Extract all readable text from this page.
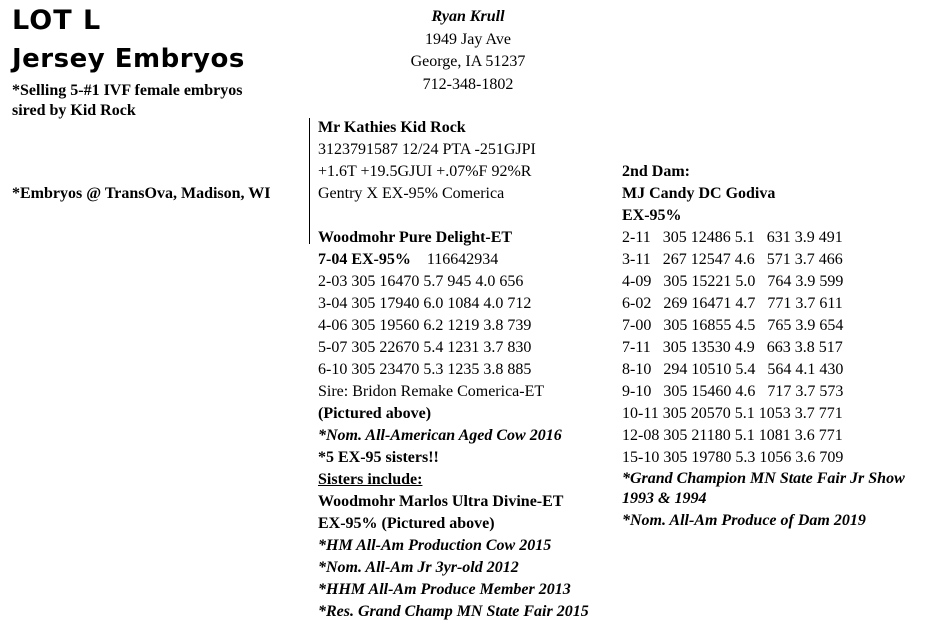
LOT L
Jersey Embryos
*Selling 5-#1 IVF female embryos
sired by Kid Rock
*Embryos @ TransOva, Madison, WI
Ryan Krull
1949 Jay Ave
George, IA 51237
712-348-1802
Mr Kathies Kid Rock
3123791587 12/24 PTA -251GJPI
+1.6T +19.5GJUI +.07%F 92%R
Gentry X EX-95% Comerica
Woodmohr Pure Delight-ET
7-04 EX-95% 116642934
2-03 305 16470 5.7 945 4.0 656
3-04 305 17940 6.0 1084 4.0 712
4-06 305 19560 6.2 1219 3.8 739
5-07 305 22670 5.4 1231 3.7 830
6-10 305 23470 5.3 1235 3.8 885
Sire: Bridon Remake Comerica-ET
(Pictured above)
*Nom. All-American Aged Cow 2016
*5 EX-95 sisters!!
Sisters include:
Woodmohr Marlos Ultra Divine-ET
EX-95% (Pictured above)
*HM All-Am Production Cow 2015
*Nom. All-Am Jr 3yr-old 2012
*HHM All-Am Produce Member 2013
*Res. Grand Champ MN State Fair 2015
2nd Dam:
MJ Candy DC Godiva
EX-95%
2-11   305 12486 5.1   631 3.9 491
3-11   267 12547 4.6   571 3.7 466
4-09   305 15221 5.0   764 3.9 599
6-02   269 16471 4.7   771 3.7 611
7-00   305 16855 4.5   765 3.9 654
7-11   305 13530 4.9   663 3.8 517
8-10   294 10510 5.4   564 4.1 430
9-10   305 15460 4.6   717 3.7 573
10-11 305 20570 5.1 1053 3.7 771
12-08 305 21180 5.1 1081 3.6 771
15-10 305 19780 5.3 1056 3.6 709
*Grand Champion MN State Fair Jr Show 1993 & 1994
*Nom. All-Am Produce of Dam 2019
